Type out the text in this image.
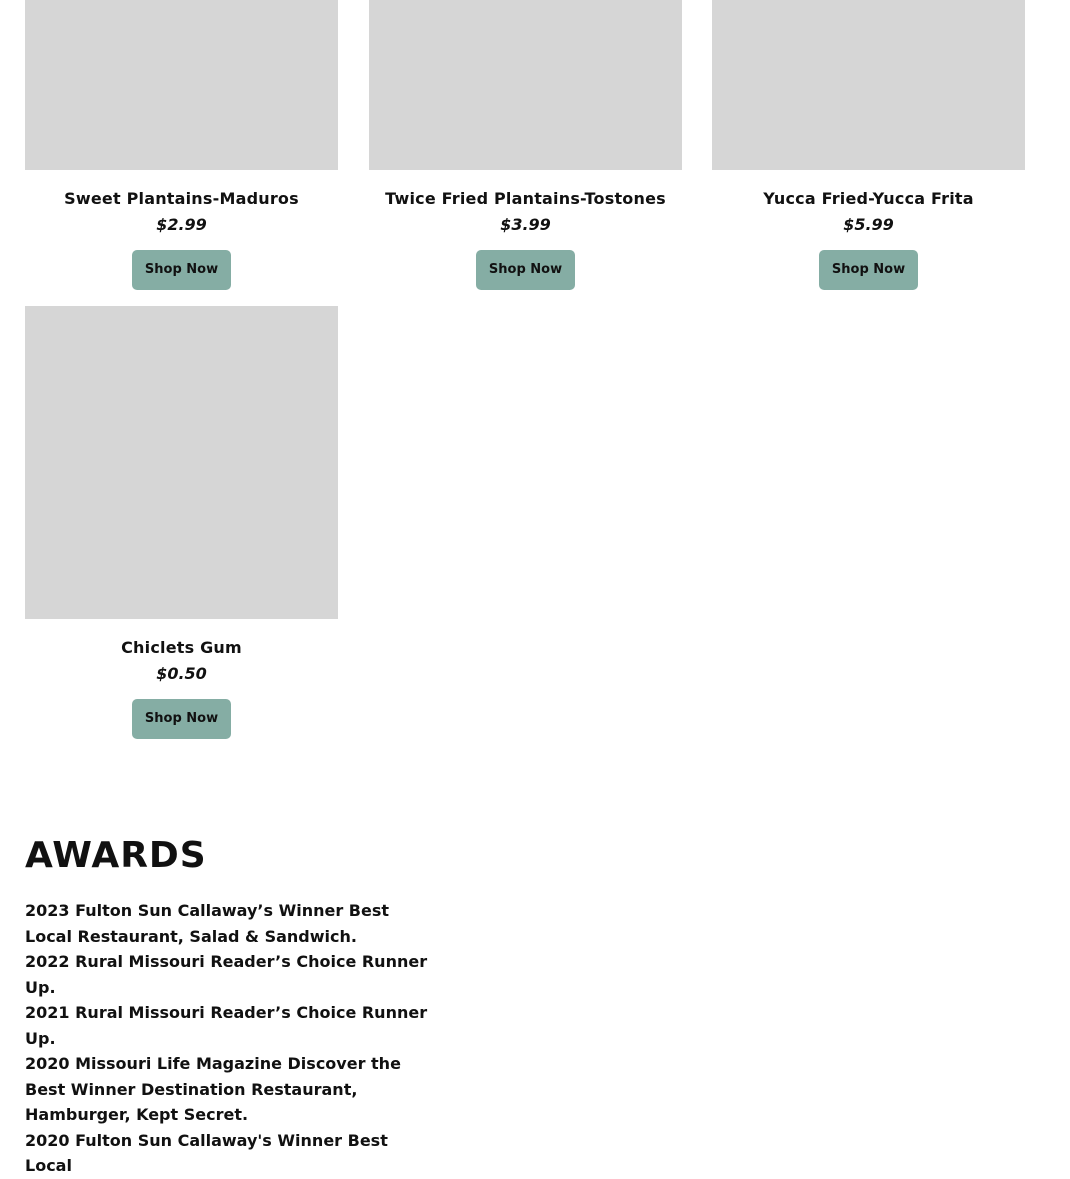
Sweet Plantains-Maduros
$2.99
Shop Now
Twice Fried Plantains-Tostones
$3.99
Shop Now
Yucca Fried-Yucca Frita
$5.99
Shop Now
Chiclets Gum
$0.50
Shop Now
AWARDS
2023 Fulton Sun Callaway’s Winner Best Local Restaurant, Salad & Sandwich.
2022 Rural Missouri Reader’s Choice Runner Up.
2021 Rural Missouri Reader’s Choice Runner Up.
2020 Missouri Life Magazine Discover the Best Winner Destination Restaurant, Hamburger, Kept Secret.
2020 Fulton Sun Callaway's Winner Best Local
